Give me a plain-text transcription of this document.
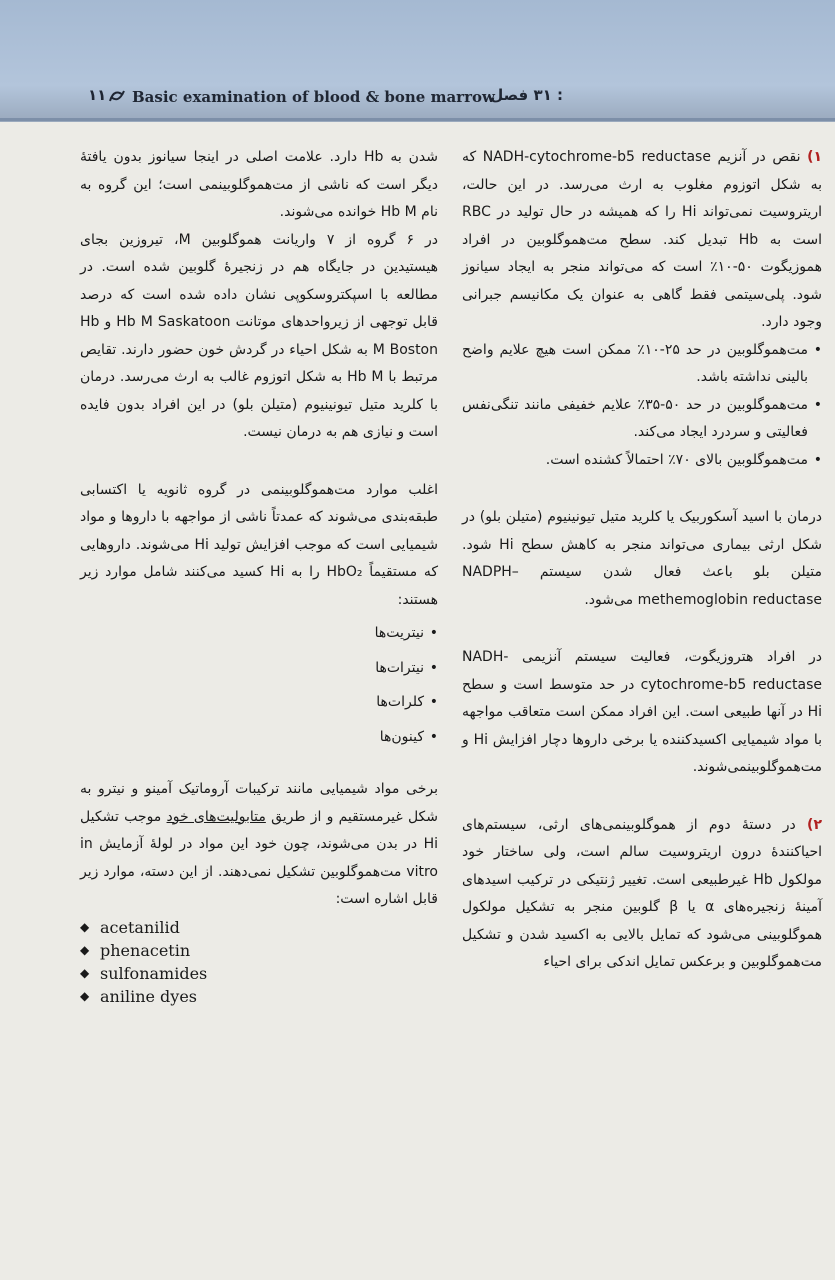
۱۱ Basic examination of blood & bone marrow
: ۳۱ فصل

۱) نقص در آنزیم NADH-cytochrome-b5 reductase که به شکل اتوزوم مغلوب به ارث می‌رسد. در این حالت، اریتروسیت نمی‌تواند Hi را که همیشه در حال تولید در RBC است به Hb تبدیل کند. سطح مت‌هموگلوبین در افراد هموزیگوت ۵۰-۱۰٪ است که می‌تواند منجر به ایجاد سیانوز شود. پلی‌سیتمی فقط گاهی به عنوان یک مکانیسم جبرانی وجود دارد.

• مت‌هموگلوبین در حد ۲۵-۱۰٪ ممکن است هیچ علایم واضح بالینی نداشته باشد.
• مت‌هموگلوبین در حد ۵۰-۳۵٪ علایم خفیفی مانند تنگی‌نفس فعالیتی و سردرد ایجاد می‌کند.
• مت‌هموگلوبین بالای ۷۰٪ احتمالاً کشنده است.

درمان با اسید آسکوربیک یا کلرید متیل تیونینیوم (متیلن بلو) در شکل ارثی بیماری می‌تواند منجر به کاهش سطح Hi شود. متیلن بلو باعث فعال شدن سیستم NADPH–methemoglobin reductase می‌شود.

در افراد هتروزیگوت، فعالیت سیستم آنزیمی NADH-cytochrome-b5 reductase در حد متوسط است و سطح Hi در آنها طبیعی است. این افراد ممکن است متعاقب مواجهه با مواد شیمیایی اکسیدکننده یا برخی داروها دچار افزایش Hi و مت‌هموگلوبینمی‌شوند.

۲) در دستهٔ دوم از هموگلوبینمی‌های ارثی، سیستم‌های احیاکنندهٔ درون اریتروسیت سالم است، ولی ساختار خود مولکول Hb غیرطبیعی است. تغییر ژنتیکی در ترکیب اسیدهای آمینهٔ زنجیره‌های α یا β گلوبین منجر به تشکیل مولکول هموگلوبینی می‌شود که تمایل بالایی به اکسید شدن و تشکیل مت‌هموگلوبین و برعکس تمایل اندکی برای احیاء

شدن به Hb دارد. علامت اصلی در اینجا سیانوز بدون یافتهٔ دیگر است که ناشی از مت‌هموگلوبینمی است؛ این گروه به نام Hb M خوانده می‌شوند.

در ۶ گروه از ۷ واریانت هموگلوبین M، تیروزین بجای هیستیدین در جایگاه هم در زنجیرهٔ گلوبین شده است. در مطالعه با اسپکتروسکوپی نشان داده شده است که درصد قابل توجهی از زیرواحدهای موتانت Hb M Saskatoon و Hb M Boston به شکل احیاء در گردش خون حضور دارند. تقایص مرتبط با Hb M به شکل اتوزوم غالب به ارث می‌رسد. درمان با کلرید متیل تیونینیوم (متیلن بلو) در این افراد بدون فایده است و نیازی هم به درمان نیست.

اغلب موارد مت‌هموگلوبینمی در گروه ثانویه یا اکتسابی طبقه‌بندی می‌شوند که عمدتاً ناشی از مواجهه با داروها و مواد شیمیایی است که موجب افزایش تولید Hi می‌شوند. داروهایی که مستقیماً HbO₂ را به Hi کسید می‌کنند شامل موارد زیر هستند:

• نیتریت‌ها
• نیترات‌ها
• کلرات‌ها
• کینون‌ها

برخی مواد شیمیایی مانند ترکیبات آروماتیک آمینو و نیترو به شکل غیرمستقیم و از طریق متابولیت‌های خود موجب تشکیل Hi در بدن می‌شوند، چون خود این مواد در لولهٔ آزمایش in vitro مت‌هموگلوبین تشکیل نمی‌دهند. از این دسته، موارد زیر قابل اشاره است:

◆ acetanilid
◆ phenacetin
◆ sulfonamides
◆ aniline dyes
